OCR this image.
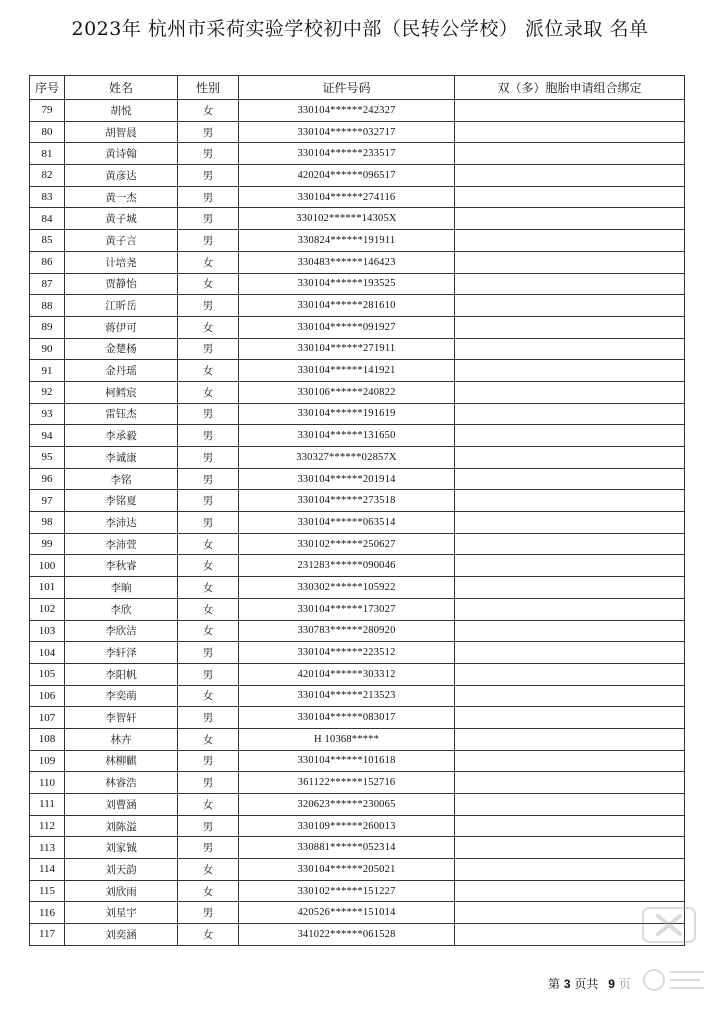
2023年 杭州市采荷实验学校初中部（民转公学校） 派位录取 名单
序号	姓名	性别	证件号码	双（多）胞胎申请组合绑定
79	胡悦	女	330104******242327	
80	胡智晨	男	330104******032717	
81	黄诗翰	男	330104******233517	
82	黄彦达	男	420204******096517	
83	黄一杰	男	330104******274116	
84	黄子城	男	330102******14305X	
85	黄子言	男	330824******191911	
86	计培尧	女	330483******146423	
87	贾静怡	女	330104******193525	
88	江昕岳	男	330104******281610	
89	蒋伊可	女	330104******091927	
90	金楚杨	男	330104******271911	
91	金丹瑶	女	330104******141921	
92	柯鳕宸	女	330106******240822	
93	雷钰杰	男	330104******191619	
94	李承毅	男	330104******131650	
95	李诚康	男	330327******02857X	
96	李铭	男	330104******201914	
97	李铭夏	男	330104******273518	
98	李沛达	男	330104******063514	
99	李沛萱	女	330102******250627	
100	李秋睿	女	231283******090046	
101	李晌	女	330302******105922	
102	李欣	女	330104******173027	
103	李欣洁	女	330783******280920	
104	李轩泽	男	330104******223512	
105	李阳帆	男	420104******303312	
106	李奕萌	女	330104******213523	
107	李智轩	男	330104******083017	
108	林卉	女	H 10368*****	
109	林柳麒	男	330104******101618	
110	林睿浩	男	361122******152716	
111	刘曹涵	女	320623******230065	
112	刘陈溢	男	330109******260013	
113	刘家铖	男	330881******052314	
114	刘天韵	女	330104******205021	
115	刘欣雨	女	330102******151227	
116	刘星宇	男	420526******151014	
117	刘奕涵	女	341022******061528	
第 3 页共 9 页
